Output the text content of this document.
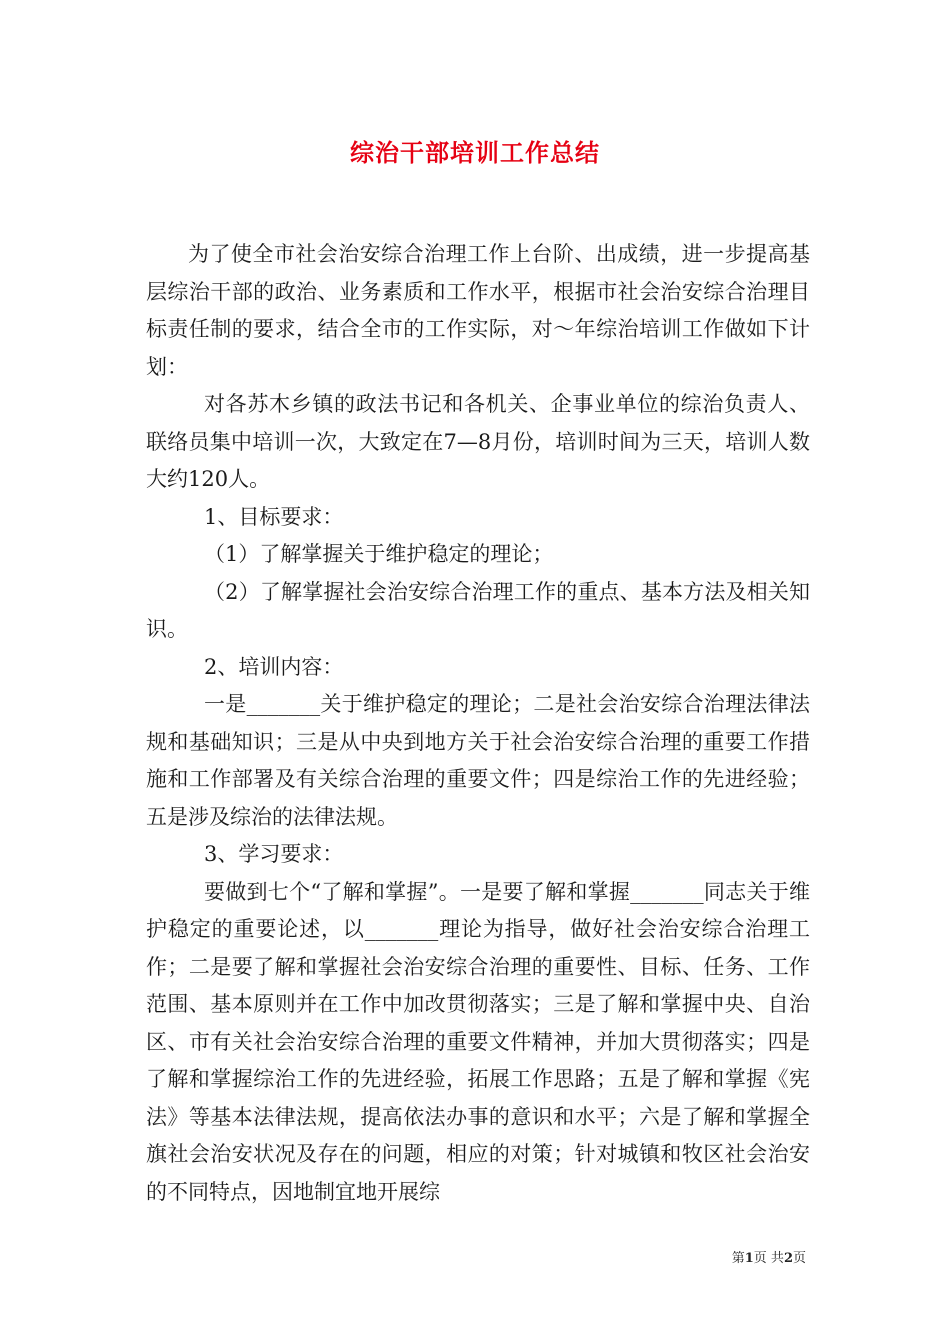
综治干部培训工作总结

为了使全市社会治安综合治理工作上台阶、出成绩，进一步提高基层综治干部的政治、业务素质和工作水平，根据市社会治安综合治理目标责任制的要求，结合全市的工作实际，对～年综治培训工作做如下计划：

对各苏木乡镇的政法书记和各机关、企事业单位的综治负责人、联络员集中培训一次，大致定在7—8月份，培训时间为三天，培训人数大约120人。

1、目标要求：

（1）了解掌握关于维护稳定的理论；

（2）了解掌握社会治安综合治理工作的重点、基本方法及相关知识。

2、培训内容：

一是_______关于维护稳定的理论；二是社会治安综合治理法律法规和基础知识；三是从中央到地方关于社会治安综合治理的重要工作措施和工作部署及有关综合治理的重要文件；四是综治工作的先进经验；五是涉及综治的法律法规。

3、学习要求：

要做到七个“了解和掌握”。一是要了解和掌握_______同志关于维护稳定的重要论述，以_______理论为指导，做好社会治安综合治理工作；二是要了解和掌握社会治安综合治理的重要性、目标、任务、工作范围、基本原则并在工作中加改贯彻落实；三是了解和掌握中央、自治区、市有关社会治安综合治理的重要文件精神，并加大贯彻落实；四是了解和掌握综治工作的先进经验，拓展工作思路；五是了解和掌握《宪法》等基本法律法规，提高依法办事的意识和水平；六是了解和掌握全旗社会治安状况及存在的问题，相应的对策；针对城镇和牧区社会治安的不同特点，因地制宜地开展综

第1页 共2页
